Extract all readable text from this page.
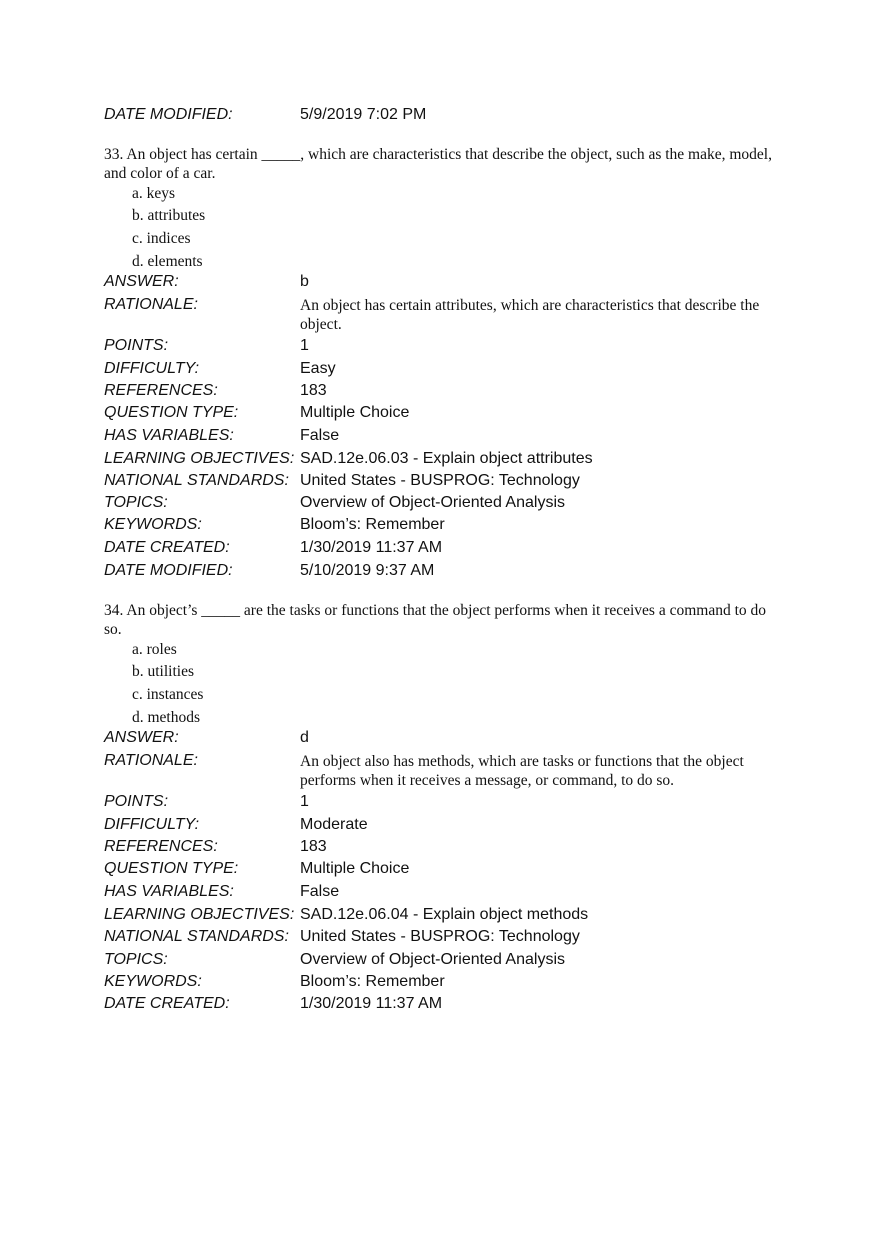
DATE MODIFIED:	5/9/2019 7:02 PM
33. An object has certain _____, which are characteristics that describe the object, such as the make, model, and color of a car.
a. keys
b. attributes
c. indices
d. elements
ANSWER:	b
RATIONALE:	An object has certain attributes, which are characteristics that describe the object.
POINTS:	1
DIFFICULTY:	Easy
REFERENCES:	183
QUESTION TYPE:	Multiple Choice
HAS VARIABLES:	False
LEARNING OBJECTIVES: SAD.12e.06.03 - Explain object attributes
NATIONAL STANDARDS: United States - BUSPROG: Technology
TOPICS:	Overview of Object-Oriented Analysis
KEYWORDS:	Bloom’s: Remember
DATE CREATED:	1/30/2019 11:37 AM
DATE MODIFIED:	5/10/2019 9:37 AM
34. An object’s _____ are the tasks or functions that the object performs when it receives a command to do so.
a. roles
b. utilities
c. instances
d. methods
ANSWER:	d
RATIONALE:	An object also has methods, which are tasks or functions that the object performs when it receives a message, or command, to do so.
POINTS:	1
DIFFICULTY:	Moderate
REFERENCES:	183
QUESTION TYPE:	Multiple Choice
HAS VARIABLES:	False
LEARNING OBJECTIVES: SAD.12e.06.04 - Explain object methods
NATIONAL STANDARDS: United States - BUSPROG: Technology
TOPICS:	Overview of Object-Oriented Analysis
KEYWORDS:	Bloom’s: Remember
DATE CREATED:	1/30/2019 11:37 AM
